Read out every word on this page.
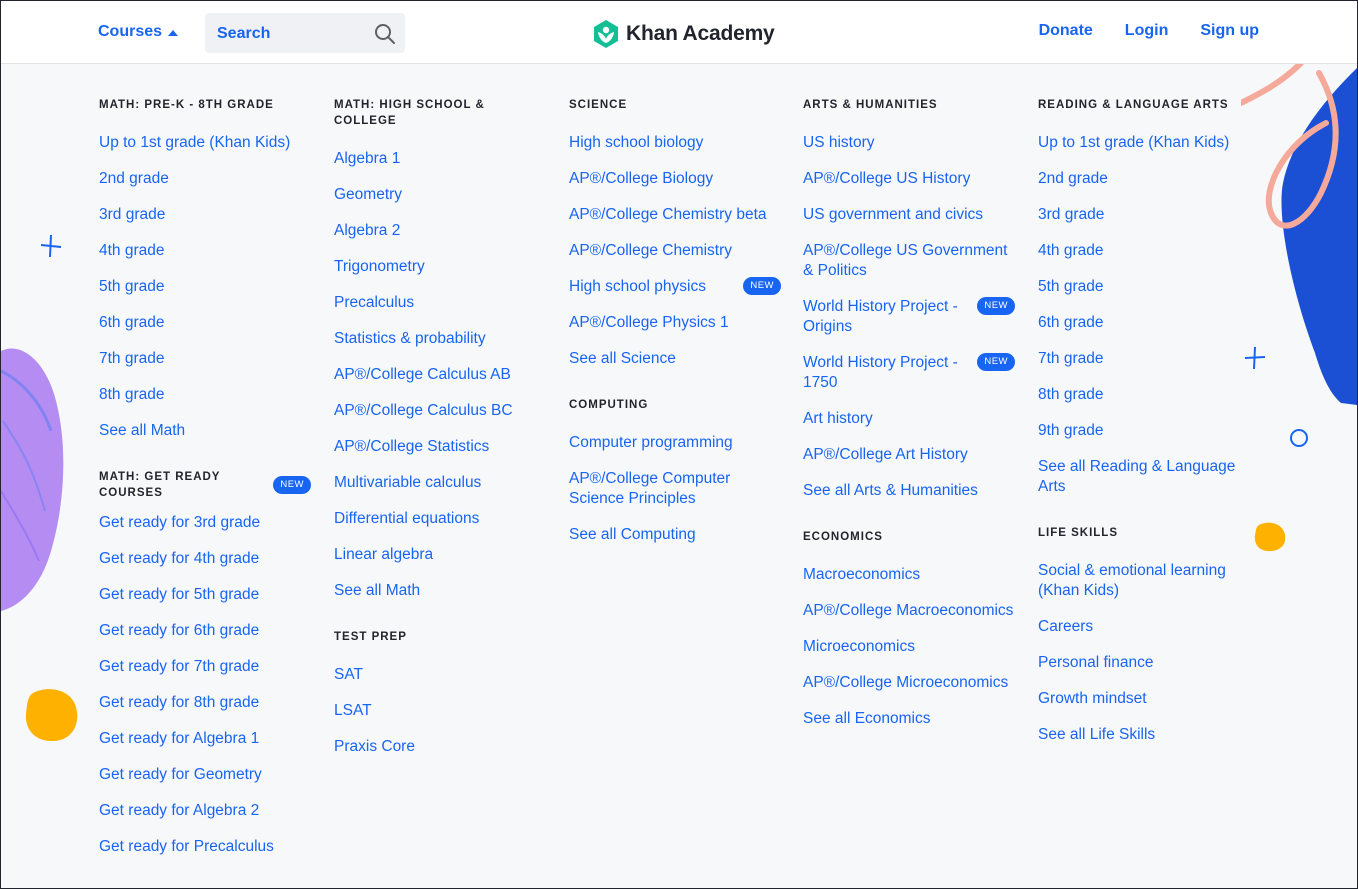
Courses
Search	Khan Academy	Donate Login Sign up
MATH: PRE-K - 8TH GRADE
Up to 1st grade (Khan Kids)
2nd grade
3rd grade
4th grade
5th grade
6th grade
7th grade
8th grade
See all Math
MATH: GET READY COURSES
NEW
Get ready for 3rd grade
Get ready for 4th grade
Get ready for 5th grade
Get ready for 6th grade
Get ready for 7th grade
Get ready for 8th grade
Get ready for Algebra 1
Get ready for Geometry
Get ready for Algebra 2
Get ready for Precalculus
MATH: HIGH SCHOOL & COLLEGE
Algebra 1
Geometry
Algebra 2
Trigonometry
Precalculus
Statistics & probability
AP®/College Calculus AB
AP®/College Calculus BC
AP®/College Statistics
Multivariable calculus
Differential equations
Linear algebra
See all Math
TEST PREP
SAT
LSAT
Praxis Core
SCIENCE
High school biology
AP®/College Biology
AP®/College Chemistry beta
AP®/College Chemistry
High school physics	NEW
AP®/College Physics 1
See all Science
COMPUTING
Computer programming
AP®/College Computer Science Principles
See all Computing
ARTS & HUMANITIES
US history
AP®/College US History
US government and civics
AP®/College US Government & Politics
World History Project - Origins
NEW
World History Project - 1750
NEW
Art history
AP®/College Art History
See all Arts & Humanities
ECONOMICS
Macroeconomics
AP®/College Macroeconomics
Microeconomics
AP®/College Microeconomics
See all Economics
READING & LANGUAGE ARTS
Up to 1st grade (Khan Kids)
2nd grade
3rd grade
4th grade
5th grade
6th grade
7th grade
8th grade
9th grade
See all Reading & Language Arts
LIFE SKILLS
Social & emotional learning (Khan Kids)
Careers
Personal finance
Growth mindset
See all Life Skills
